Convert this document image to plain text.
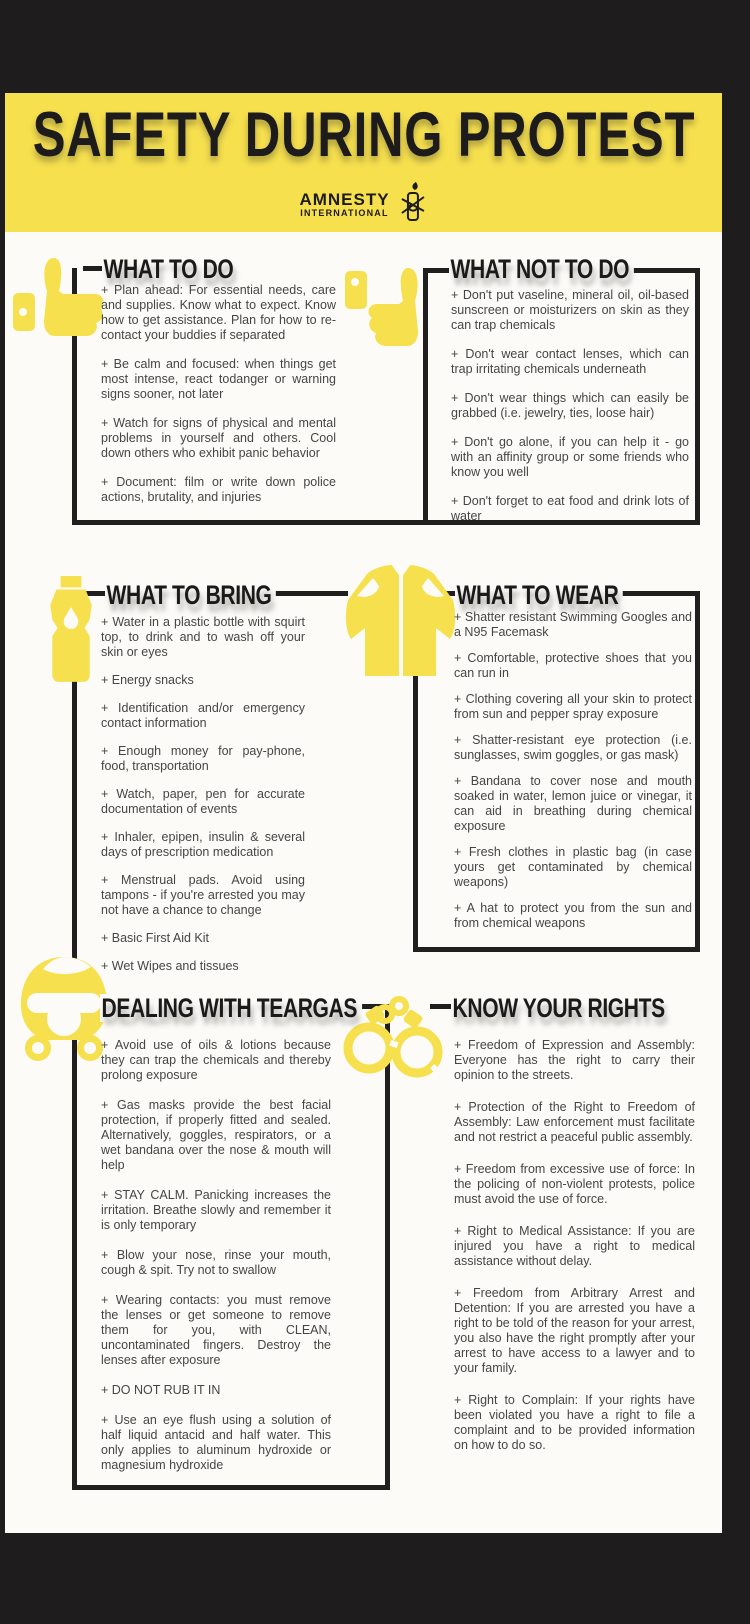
SAFETY DURING PROTEST
AMNESTY
INTERNATIONAL
WHAT TO DO	WHAT NOT TO DO
WHAT TO BRING	WHAT TO WEAR
DEALING WITH TEARGAS	KNOW YOUR RIGHTS

+ Plan ahead: For essential needs, care and supplies. Know what to expect. Know how to get assistance. Plan for how to re-contact your buddies if separated

+ Be calm and focused: when things get most intense, react todanger or warning signs sooner, not later

+ Watch for signs of physical and mental problems in yourself and others. Cool down others who exhibit panic behavior

+ Document: film or write down police actions, brutality, and injuries

+ Don't put vaseline, mineral oil, oil-based sunscreen or moisturizers on skin as they can trap chemicals

+ Don't wear contact lenses, which can trap irritating chemicals underneath

+ Don't wear things which can easily be grabbed (i.e. jewelry, ties, loose hair)

+ Don't go alone, if you can help it - go with an affinity group or some friends who know you well

+ Don't forget to eat food and drink lots of water

+ Water in a plastic bottle with squirt top, to drink and to wash off your skin or eyes

+ Energy snacks

+ Identification and/or emergency contact information

+ Enough money for pay-phone, food, transportation

+ Watch, paper, pen for accurate documentation of events

+ Inhaler, epipen, insulin & several days of prescription medication

+ Menstrual pads. Avoid using tampons - if you're arrested you may not have a chance to change

+ Basic First Aid Kit

+ Wet Wipes and tissues

+ Shatter resistant Swimming Googles and a N95 Facemask

+ Comfortable, protective shoes that you can run in

+ Clothing covering all your skin to protect from sun and pepper spray exposure

+ Shatter-resistant eye protection (i.e. sunglasses, swim goggles, or gas mask)

+ Bandana to cover nose and mouth soaked in water, lemon juice or vinegar, it can aid in breathing during chemical exposure

+ Fresh clothes in plastic bag (in case yours get contaminated by chemical weapons)

+ A hat to protect you from the sun and from chemical weapons

+ Avoid use of oils & lotions because they can trap the chemicals and thereby prolong exposure

+ Gas masks provide the best facial protection, if properly fitted and sealed. Alternatively, goggles, respirators, or a wet bandana over the nose & mouth will help

+ STAY CALM. Panicking increases the irritation. Breathe slowly and remember it is only temporary

+ Blow your nose, rinse your mouth, cough & spit. Try not to swallow

+ Wearing contacts: you must remove the lenses or get someone to remove them for you, with CLEAN, uncontaminated fingers. Destroy the lenses after exposure

+ DO NOT RUB IT IN

+ Use an eye flush using a solution of half liquid antacid and half water. This only applies to aluminum hydroxide or magnesium hydroxide

+ Freedom of Expression and Assembly: Everyone has the right to carry their opinion to the streets.

+ Protection of the Right to Freedom of Assembly: Law enforcement must facilitate and not restrict a peaceful public assembly.

+ Freedom from excessive use of force: In the policing of non-violent protests, police must avoid the use of force.

+ Right to Medical Assistance: If you are injured you have a right to medical assistance without delay.

+ Freedom from Arbitrary Arrest and Detention: If you are arrested you have a right to be told of the reason for your arrest, you also have the right promptly after your arrest to have access to a lawyer and to your family.

+ Right to Complain: If your rights have been violated you have a right to file a complaint and to be provided information on how to do so.
